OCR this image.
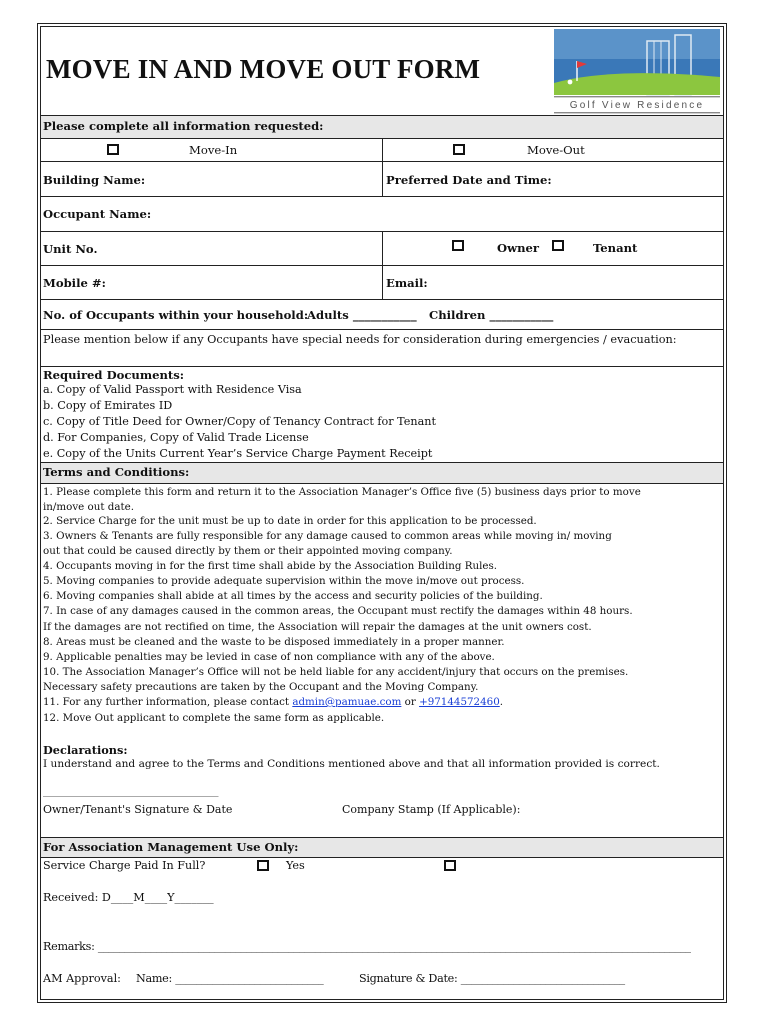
MOVE IN AND MOVE OUT FORM
Golf View Residence
Please complete all information requested:
Move-In	Move-Out
Building Name:	Preferred Date and Time:
Occupant Name:
Unit No.	Owner	Tenant
Mobile #:	Email:
No. of Occupants within your household:
Adults ___________ Children ___________
Please mention below if any Occupants have special needs for consideration during emergencies / evacuation:
Required Documents:
a. Copy of Valid Passport with Residence Visa
b. Copy of Emirates ID
c. Copy of Title Deed for Owner/Copy of Tenancy Contract for Tenant
d. For Companies, Copy of Valid Trade License
e. Copy of the Units Current Year’s Service Charge Payment Receipt
Terms and Conditions:
1. Please complete this form and return it to the Association Manager’s Office five (5) business days prior to move
in/move out date.
2. Service Charge for the unit must be up to date in order for this application to be processed.
3. Owners & Tenants are fully responsible for any damage caused to common areas while moving in/ moving
out that could be caused directly by them or their appointed moving company.
4. Occupants moving in for the first time shall abide by the Association Building Rules.
5. Moving companies to provide adequate supervision within the move in/move out process.
6. Moving companies shall abide at all times by the access and security policies of the building.
7. In case of any damages caused in the common areas, the Occupant must rectify the damages within 48 hours.
If the damages are not rectified on time, the Association will repair the damages at the unit owners cost.
8. Areas must be cleaned and the waste to be disposed immediately in a proper manner.
9. Applicable penalties may be levied in case of non compliance with any of the above.
10. The Association Manager’s Office will not be held liable for any accident/injury that occurs on the premises.
Necessary safety precautions are taken by the Occupant and the Moving Company.
11. For any further information, please contact admin@pamuae.com or +97144572460.
12. Move Out applicant to complete the same form as applicable.
Declarations:
I understand and agree to the Terms and Conditions mentioned above and that all information provided is correct.
_______________________________________
Owner/Tenant's Signature & Date	Company Stamp (If Applicable):
For Association Management Use Only:
Service Charge Paid In Full?	Yes
Received: D____M____Y_______
Remarks: ________________________________________________________________________________________________________________
AM Approval: Name: ____________________________	Signature & Date: _______________________________
